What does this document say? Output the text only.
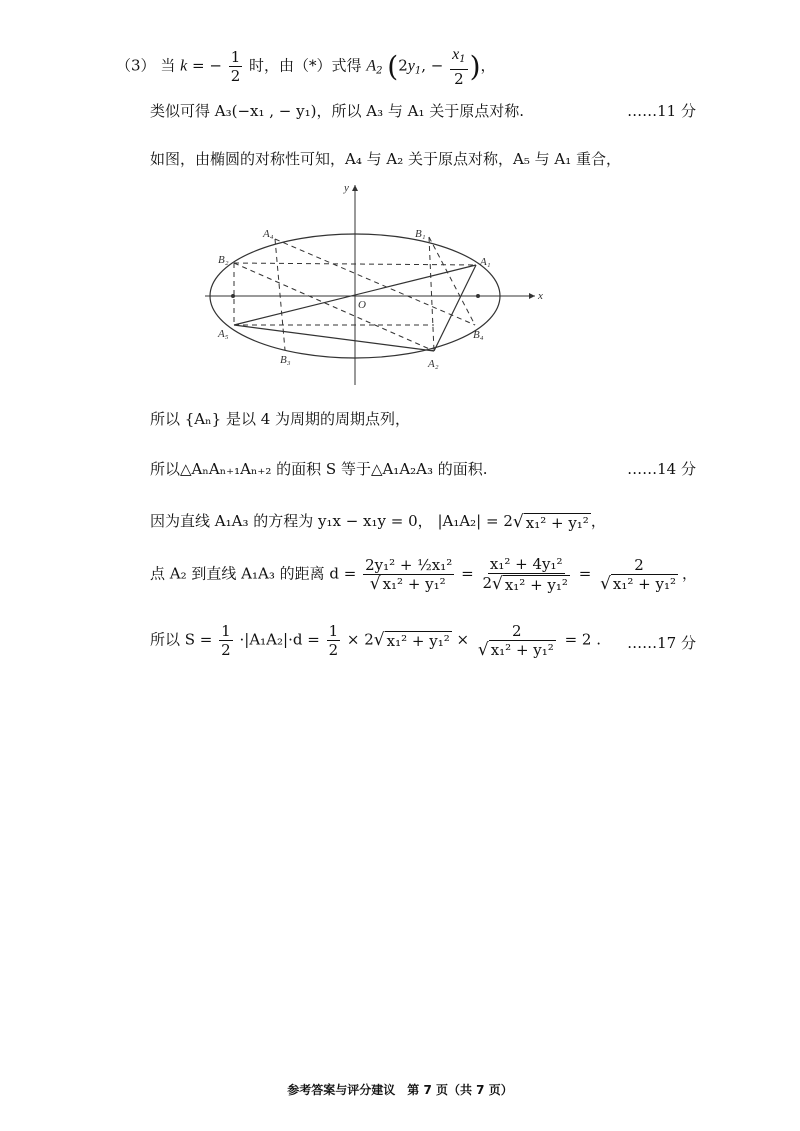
（3） 当 k = − $\frac{1}{2}$ 时，由（*）式得 $A_2$ ($2y_1$, − $\frac{x_1}{2}$ )，
类似可得 A₃(−x₁ , − y₁)，所以 A₃ 与 A₁ 关于原点对称.	……11 分
如图，由椭圆的对称性可知，A₄ 与 A₂ 关于原点对称，A₅ 与 A₁ 重合，
x
y
O
A₁
A₂
A₄
A₅
B₁
B₂
B₃
B₄
所以 {Aₙ} 是以 4 为周期的周期点列，
所以△AₙAₙ₊₁Aₙ₊₂ 的面积 S 等于△A₁A₂A₃ 的面积.	……14 分
因为直线 A₁A₃ 的方程为 y₁x − x₁y = 0， |A₁A₂| = 2 √ x₁² + y₁² ，
点 A₂ 到直线 A₁A₃ 的距离 $d = \frac{\text{2y₁² + ½x₁²}}{\text{√ x₁² + y₁²}} = \frac{\text{x₁² + 4y₁²}}{\text{2 √ x₁² + y₁²}} = \frac{2}{\text{√ x₁² + y₁²}}$ ，
所以 $S = \frac{1}{2} \cdot|A_1A_2|\cdot d = \frac{1}{2} \times 2$ √ $x_1^2 + y_1^2 \times \frac{2}{\text{√ x₁² + y₁²}} = 2$ . ……17 分
参考答案与评分建议　第 7 页（共 7 页）
